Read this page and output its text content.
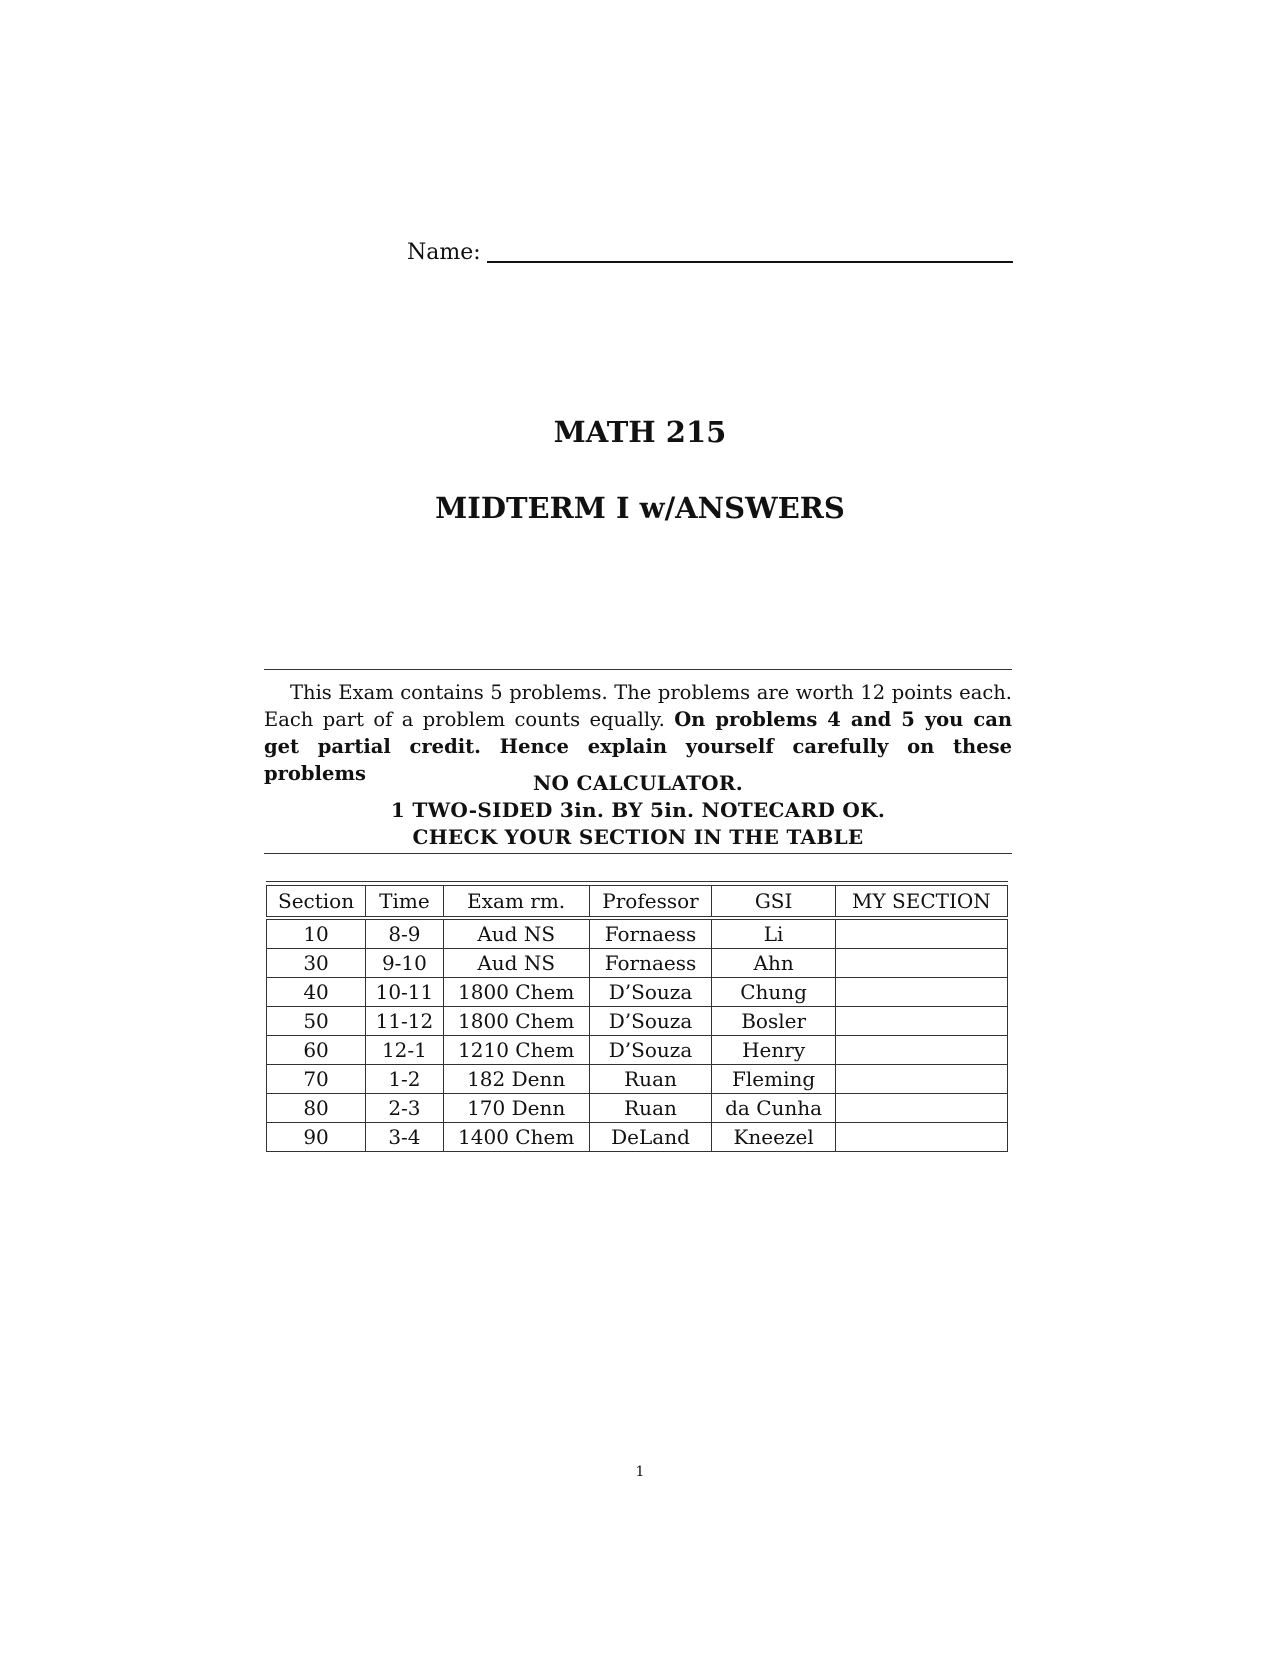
Name:
MATH 215
MIDTERM I w/ANSWERS

This Exam contains 5 problems. The problems are worth 12 points each. Each part of a problem counts equally. On problems 4 and 5 you can get partial credit. Hence explain yourself carefully on these problems	NO CALCULATOR.
1 TWO-SIDED 3in. BY 5in. NOTECARD OK.
CHECK YOUR SECTION IN THE TABLE
Section	Time	Exam rm.	Professor	GSI	MY SECTION
10	8-9	Aud NS	Fornaess	Li	
30	9-10	Aud NS	Fornaess	Ahn	
40	10-11	1800 Chem	D’Souza	Chung	
50	11-12	1800 Chem	D’Souza	Bosler	
60	12-1	1210 Chem	D’Souza	Henry	
70	1-2	182 Denn	Ruan	Fleming	
80	2-3	170 Denn	Ruan	da Cunha	
90	3-4	1400 Chem	DeLand	Kneezel	
1
